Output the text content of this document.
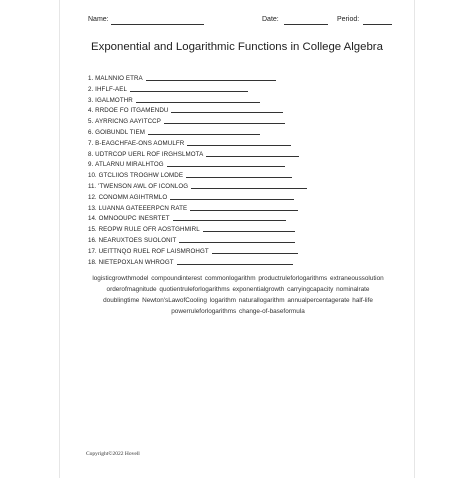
Name:	Date:	Period:
Exponential and Logarithmic Functions in College Algebra
1. MALNNIO ETRA
2. IHFLF-AEL
3. IGALMOTHR
4. RRDOE FO ITGAMENDU
5. AYRRICNG AAYITCCP
6. GOIBUNDL TIEM
7. B-EAGCHFAE-ONS AOMULFR
8. UDTRCOP UERL ROF IRGHSLMOTA
9. ATLARNU MIRALHTOG
10. GTCLIIOS TROGHW LOMDE
11. 'TWENSON AWL OF ICONLOG
12. CONOMM AGIHTRMLO
13. LUANNA GATEEERPCN RATE
14. OMNOOUPC INESRTET
15. REOPW RULE OFR AOSTGHMIRL
16. NEARUXTOES SUOLONIT
17. UEITTNQO RUEL ROF LAISMROHGT
18. NIETEPOXLAN WHROGT
logisticgrowthmodel compoundinterest commonlogarithm productruleforlogarithms extraneoussolution orderofmagnitude quotientruleforlogarithms exponentialgrowth carryingcapacity nominalrate doublingtime Newton'sLawofCooling logarithm naturallogarithm annualpercentagerate half-life powerruleforlogarithms change-of-baseformula
Copyright©2022 Hovell
